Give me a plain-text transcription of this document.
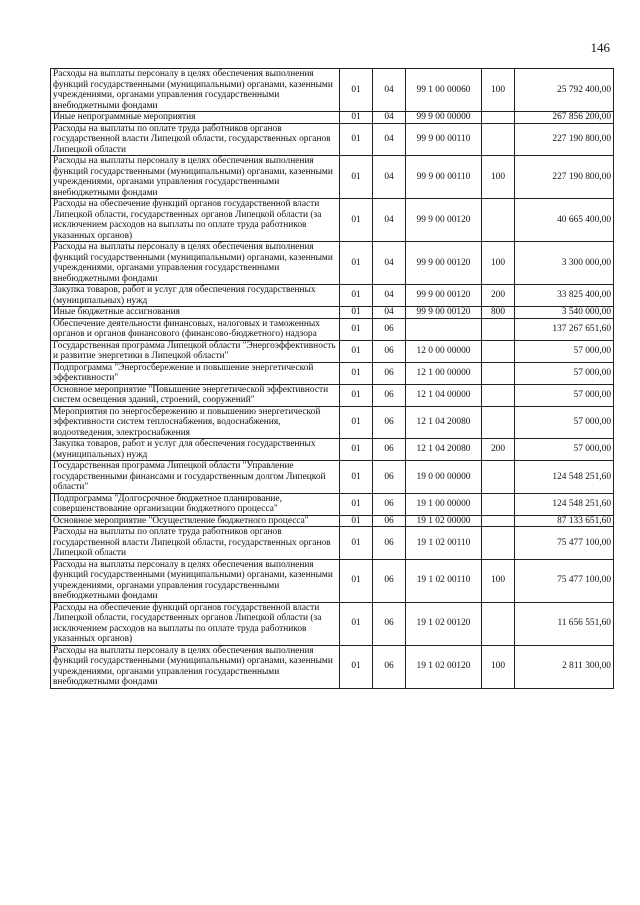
146
Расходы на выплаты персоналу в целях обеспечения выполнения функций государственными (муниципальными) органами, казенными учреждениями, органами управления государственными внебюджетными фондами	01	04	99 1 00 00060	100	25 792 400,00
Иные непрограммные мероприятия	01	04	99 9 00 00000		267 856 200,00
Расходы на выплаты по оплате труда работников органов государственной власти Липецкой области, государственных органов Липецкой области	01	04	99 9 00 00110		227 190 800,00
Расходы на выплаты персоналу в целях обеспечения выполнения функций государственными (муниципальными) органами, казенными учреждениями, органами управления государственными внебюджетными фондами	01	04	99 9 00 00110	100	227 190 800,00
Расходы на обеспечение функций органов государственной власти Липецкой области, государственных органов Липецкой области (за исключением расходов на выплаты по оплате труда работников указанных органов)	01	04	99 9 00 00120		40 665 400,00
Расходы на выплаты персоналу в целях обеспечения выполнения функций государственными (муниципальными) органами, казенными учреждениями, органами управления государственными внебюджетными фондами	01	04	99 9 00 00120	100	3 300 000,00
Закупка товаров, работ и услуг для обеспечения государственных (муниципальных) нужд	01	04	99 9 00 00120	200	33 825 400,00
Иные бюджетные ассигнования	01	04	99 9 00 00120	800	3 540 000,00
Обеспечение деятельности финансовых, налоговых и таможенных органов и органов финансового (финансово-бюджетного) надзора	01	06			137 267 651,60
Государственная программа Липецкой области "Энергоэффективность и развитие энергетики в Липецкой области"	01	06	12 0 00 00000		57 000,00
Подпрограмма "Энергосбережение и повышение энергетической эффективности"	01	06	12 1 00 00000		57 000,00
Основное мероприятие "Повышение энергетической эффективности систем освещения зданий, строений, сооружений"	01	06	12 1 04 00000		57 000,00
Мероприятия по энергосбережению и повышению энергетической эффективности систем теплоснабжения, водоснабжения, водоотведения, электроснабжения	01	06	12 1 04 20080		57 000,00
Закупка товаров, работ и услуг для обеспечения государственных (муниципальных) нужд	01	06	12 1 04 20080	200	57 000,00
Государственная программа Липецкой области "Управление государственными финансами и государственным долгом Липецкой области"	01	06	19 0 00 00000		124 548 251,60
Подпрограмма "Долгосрочное бюджетное планирование, совершенствование организации бюджетного процесса"	01	06	19 1 00 00000		124 548 251,60
Основное мероприятие "Осуществление бюджетного процесса"	01	06	19 1 02 00000		87 133 651,60
Расходы на выплаты по оплате труда работников органов государственной власти Липецкой области, государственных органов Липецкой области	01	06	19 1 02 00110		75 477 100,00
Расходы на выплаты персоналу в целях обеспечения выполнения функций государственными (муниципальными) органами, казенными учреждениями, органами управления государственными внебюджетными фондами	01	06	19 1 02 00110	100	75 477 100,00
Расходы на обеспечение функций органов государственной власти Липецкой области, государственных органов Липецкой области (за исключением расходов на выплаты по оплате труда работников указанных органов)	01	06	19 1 02 00120		11 656 551,60
Расходы на выплаты персоналу в целях обеспечения выполнения функций государственными (муниципальными) органами, казенными учреждениями, органами управления государственными внебюджетными фондами	01	06	19 1 02 00120	100	2 811 300,00
